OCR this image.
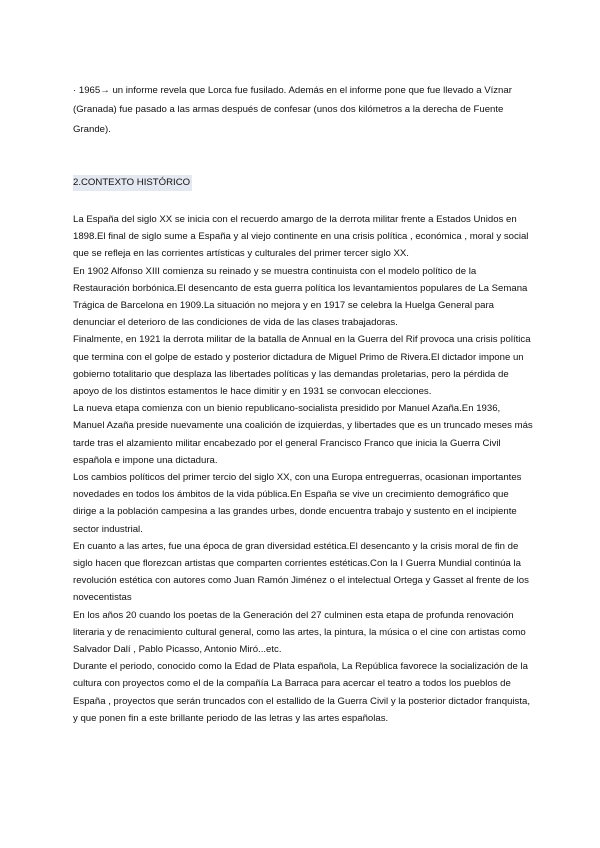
· 1965→ un informe revela que Lorca fue fusilado. Además en el informe pone que fue llevado a Víznar (Granada) fue pasado a las armas después de confesar (unos dos kilómetros a la derecha de Fuente Grande).

2.CONTEXTO HISTÓRICO

La España del siglo XX se inicia con el recuerdo amargo de la derrota militar frente a Estados Unidos en 1898.El final de siglo sume a España y al viejo continente en una crisis política , económica , moral y social que se refleja en las corrientes artísticas y culturales del primer tercer siglo XX.

En 1902 Alfonso XIII comienza su reinado y se muestra continuista con el modelo político de la Restauración borbónica.El desencanto de esta guerra política los levantamientos populares de La Semana Trágica de Barcelona en 1909.La situación no mejora y en 1917 se celebra la Huelga General para denunciar el deterioro de las condiciones de vida de las clases trabajadoras.

Finalmente, en 1921 la derrota militar de la batalla de Annual en la Guerra del Rif provoca una crisis política que termina con el golpe de estado y posterior dictadura de Miguel Primo de Rivera.El dictador impone un gobierno totalitario que desplaza las libertades políticas y las demandas proletarias, pero la pérdida de apoyo de los distintos estamentos le hace dimitir y en 1931 se convocan elecciones.

La nueva etapa comienza con un bienio republicano-socialista presidido por Manuel Azaña.En 1936, Manuel Azaña preside nuevamente una coalición de izquierdas, y libertades que es un truncado meses más tarde tras el alzamiento militar encabezado por el general Francisco Franco que inicia la Guerra Civil española e impone una dictadura.

Los cambios políticos del primer tercio del siglo XX, con una Europa entreguerras, ocasionan importantes novedades en todos los ámbitos de la vida pública.En España se vive un crecimiento demográfico que dirige a la población campesina a las grandes urbes, donde encuentra trabajo y sustento en el incipiente sector industrial.

En cuanto a las artes, fue una época de gran diversidad estética.El desencanto y la crisis moral de fin de siglo hacen que florezcan artistas que comparten corrientes estéticas.Con la I Guerra Mundial continúa la revolución estética con autores como Juan Ramón Jiménez o el intelectual Ortega y Gasset al frente de los novecentistas

En los años 20 cuando los poetas de la Generación del 27 culminen esta etapa de profunda renovación literaria y de renacimiento cultural general, como las artes, la pintura, la música o el cine con artistas como Salvador Dalí , Pablo Picasso, Antonio Miró...etc.

Durante el periodo, conocido como la Edad de Plata española, La República favorece la socialización de la cultura con proyectos como el de la compañía La Barraca para acercar el teatro a todos los pueblos de España , proyectos que serán truncados con el estallido de la Guerra Civil y la posterior dictador franquista, y que ponen fin a este brillante periodo de las letras y las artes españolas.
